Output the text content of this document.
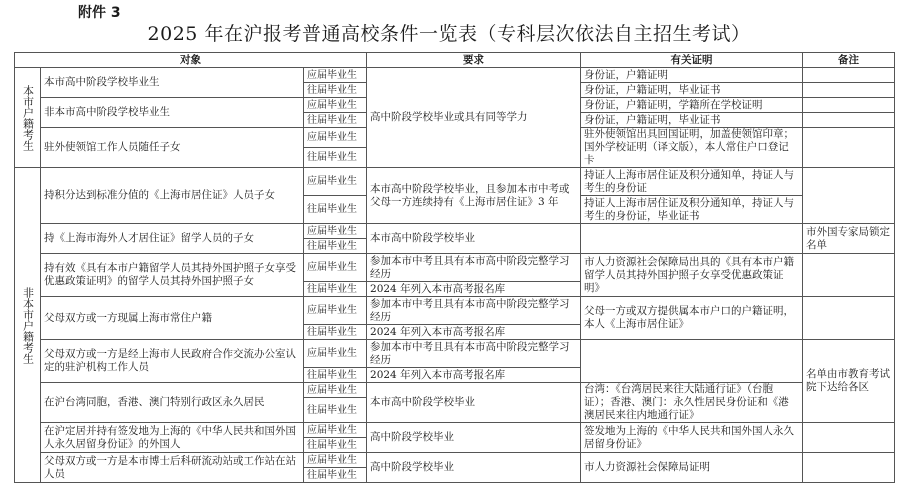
附件 3
2025 年在沪报考普通高校条件一览表（专科层次依法自主招生考试）
对象			要求	有关证明	备注
本市户籍考生	本市高中阶段学校毕业生	应届毕业生	高中阶段学校毕业或具有同等学力	身份证，户籍证明	
		往届毕业生		身份证，户籍证明，毕业证书	
	非本市高中阶段学校毕业生	应届毕业生		身份证，户籍证明，学籍所在学校证明	
		往届毕业生		身份证，户籍证明，毕业证书	
	驻外使领馆工作人员随任子女	应届毕业生		驻外使领馆出具回国证明，加盖使领馆印章；国外学校证明（译文版），本人常住户口登记卡	
		往届毕业生			
非本市户籍考生	持积分达到标准分值的《上海市居住证》人员子女	应届毕业生	本市高中阶段学校毕业，且参加本市中考或父母一方连续持有《上海市居住证》3 年	持证人上海市居住证及积分通知单，持证人与考生的身份证	
		往届毕业生		持证人上海市居住证及积分通知单，持证人与考生的身份证，毕业证书	
	持《上海市海外人才居住证》留学人员的子女	应届毕业生	本市高中阶段学校毕业		市外国专家局锁定名单
		往届毕业生			
	持有效《具有本市户籍留学人员其持外国护照子女享受优惠政策证明》的留学人员其持外国护照子女	应届毕业生	参加本市中考且具有本市高中阶段完整学习经历	市人力资源社会保障局出具的《具有本市户籍留学人员其持外国护照子女享受优惠政策证明》	
		往届毕业生	2024 年列入本市高考报名库		
	父母双方或一方现属上海市常住户籍	应届毕业生	参加本市中考且具有本市高中阶段完整学习经历	父母一方或双方提供属本市户口的户籍证明，本人《上海市居住证》	
		往届毕业生	2024 年列入本市高考报名库		
	父母双方或一方是经上海市人民政府合作交流办公室认定的驻沪机构工作人员	应届毕业生	参加本市中考且具有本市高中阶段完整学习经历		名单由市教育考试院下达给各区
		往届毕业生	2024 年列入本市高考报名库		
	在沪台湾同胞，香港、澳门特别行政区永久居民	应届毕业生	本市高中阶段学校毕业	台湾：《台湾居民来往大陆通行证》（台胞证）；香港、澳门：永久性居民身份证和《港澳居民来往内地通行证》	
		往届毕业生			
	在沪定居并持有签发地为上海的《中华人民共和国外国人永久居留身份证》的外国人	应届毕业生	高中阶段学校毕业	签发地为上海的《中华人民共和国外国人永久居留身份证》	
		往届毕业生			
	父母双方或一方是本市博士后科研流动站或工作站在站人员	应届毕业生	高中阶段学校毕业	市人力资源社会保障局证明	
		往届毕业生			
